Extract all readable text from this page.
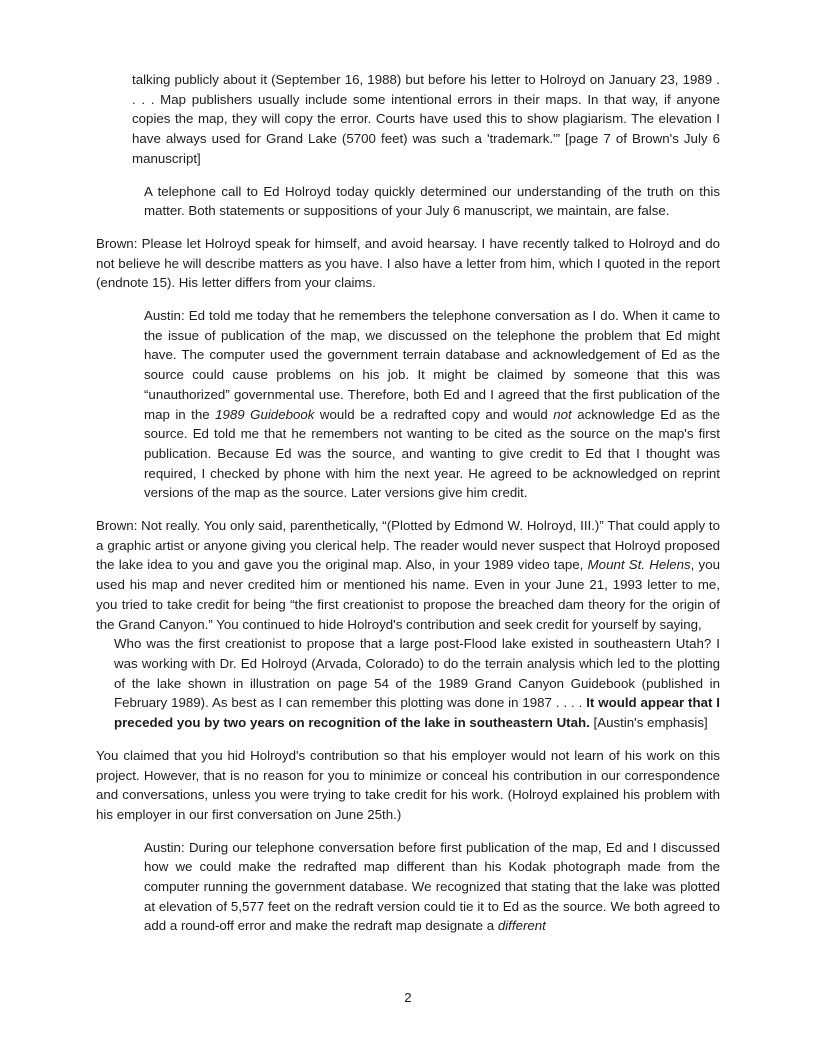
talking publicly about it (September 16, 1988) but before his letter to Holroyd on January 23, 1989 . . . . Map publishers usually include some intentional errors in their maps. In that way, if anyone copies the map, they will copy the error. Courts have used this to show plagiarism. The elevation I have always used for Grand Lake (5700 feet) was such a 'trademark.'” [page 7 of Brown's July 6 manuscript]
A telephone call to Ed Holroyd today quickly determined our understanding of the truth on this matter. Both statements or suppositions of your July 6 manuscript, we maintain, are false.
Brown: Please let Holroyd speak for himself, and avoid hearsay. I have recently talked to Holroyd and do not believe he will describe matters as you have. I also have a letter from him, which I quoted in the report (endnote 15). His letter differs from your claims.
Austin: Ed told me today that he remembers the telephone conversation as I do. When it came to the issue of publication of the map, we discussed on the telephone the problem that Ed might have. The computer used the government terrain database and acknowledgement of Ed as the source could cause problems on his job. It might be claimed by someone that this was “unauthorized” governmental use. Therefore, both Ed and I agreed that the first publication of the map in the 1989 Guidebook would be a redrafted copy and would not acknowledge Ed as the source. Ed told me that he remembers not wanting to be cited as the source on the map's first publication. Because Ed was the source, and wanting to give credit to Ed that I thought was required, I checked by phone with him the next year. He agreed to be acknowledged on reprint versions of the map as the source. Later versions give him credit.
Brown: Not really. You only said, parenthetically, “(Plotted by Edmond W. Holroyd, III.)” That could apply to a graphic artist or anyone giving you clerical help. The reader would never suspect that Holroyd proposed the lake idea to you and gave you the original map. Also, in your 1989 video tape, Mount St. Helens, you used his map and never credited him or mentioned his name. Even in your June 21, 1993 letter to me, you tried to take credit for being “the first creationist to propose the breached dam theory for the origin of the Grand Canyon.” You continued to hide Holroyd's contribution and seek credit for yourself by saying,
Who was the first creationist to propose that a large post-Flood lake existed in southeastern Utah? I was working with Dr. Ed Holroyd (Arvada, Colorado) to do the terrain analysis which led to the plotting of the lake shown in illustration on page 54 of the 1989 Grand Canyon Guidebook (published in February 1989). As best as I can remember this plotting was done in 1987 . . . . It would appear that I preceded you by two years on recognition of the lake in southeastern Utah. [Austin's emphasis]
You claimed that you hid Holroyd's contribution so that his employer would not learn of his work on this project. However, that is no reason for you to minimize or conceal his contribution in our correspondence and conversations, unless you were trying to take credit for his work. (Holroyd explained his problem with his employer in our first conversation on June 25th.)
Austin: During our telephone conversation before first publication of the map, Ed and I discussed how we could make the redrafted map different than his Kodak photograph made from the computer running the government database. We recognized that stating that the lake was plotted at elevation of 5,577 feet on the redraft version could tie it to Ed as the source. We both agreed to add a round-off error and make the redraft map designate a different
2
